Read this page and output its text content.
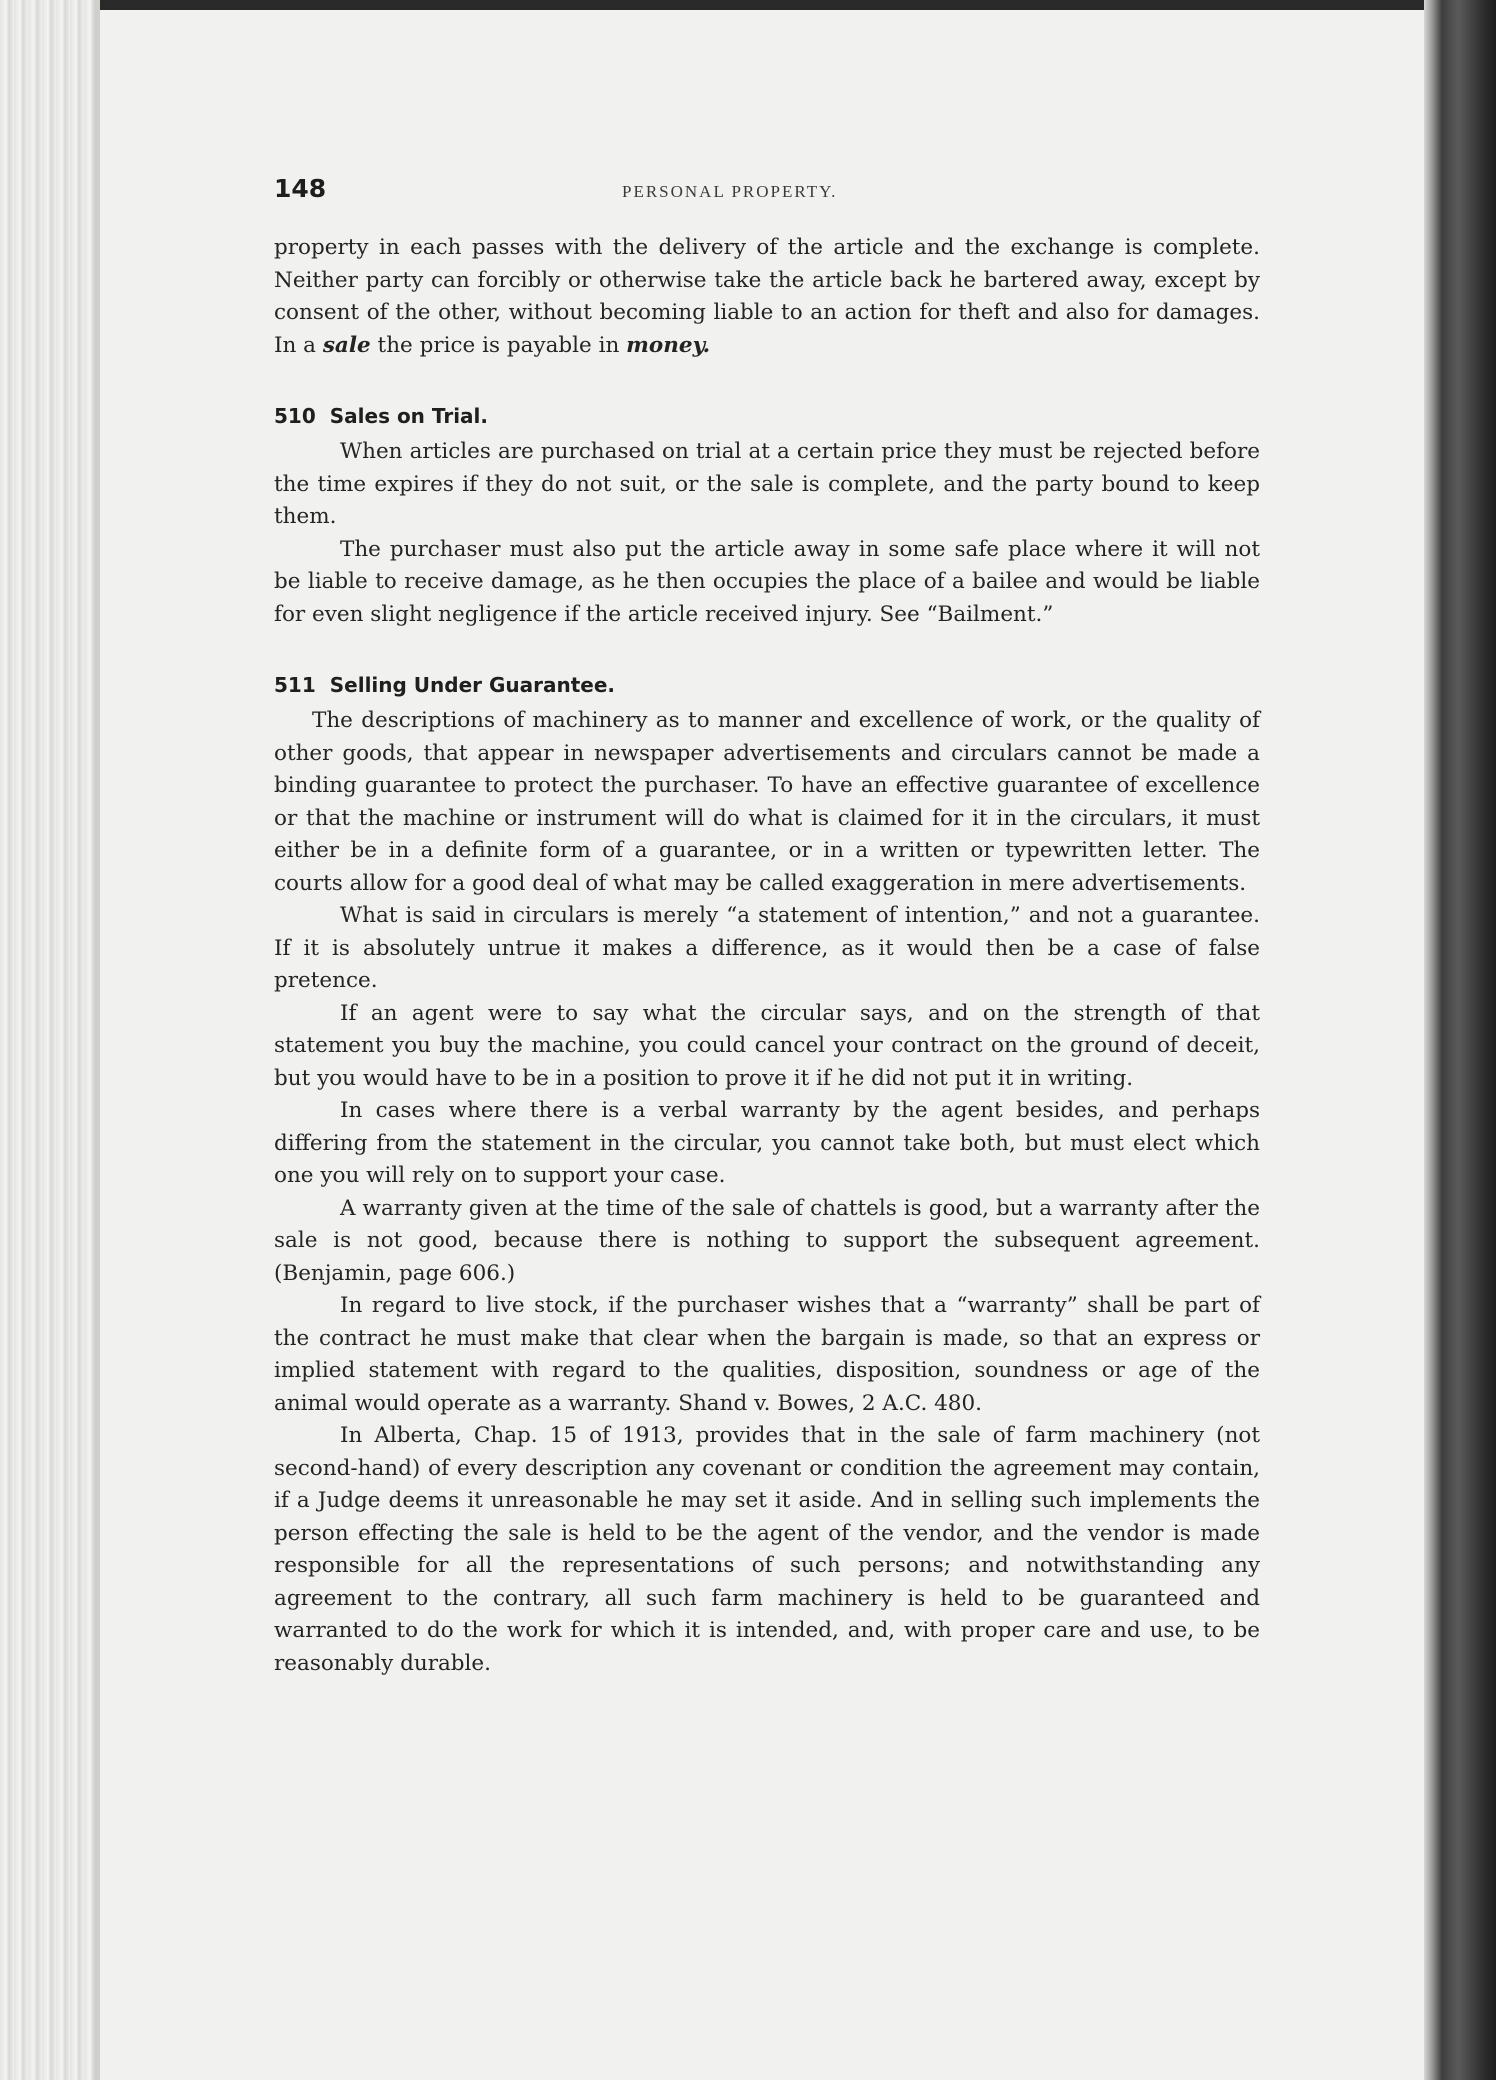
148	PERSONAL PROPERTY.

property in each passes with the delivery of the article and the exchange is complete. Neither party can forcibly or otherwise take the article back he bartered away, except by consent of the other, without becoming liable to an action for theft and also for damages. In a sale the price is payable in money.

510 Sales on Trial.

When articles are purchased on trial at a certain price they must be rejected before the time expires if they do not suit, or the sale is complete, and the party bound to keep them.

The purchaser must also put the article away in some safe place where it will not be liable to receive damage, as he then occupies the place of a bailee and would be liable for even slight negligence if the article received injury. See “Bailment.”

511 Selling Under Guarantee.

The descriptions of machinery as to manner and excellence of work, or the quality of other goods, that appear in newspaper advertisements and circulars cannot be made a binding guarantee to protect the purchaser. To have an effective guarantee of excellence or that the machine or instrument will do what is claimed for it in the circulars, it must either be in a definite form of a guarantee, or in a written or typewritten letter. The courts allow for a good deal of what may be called exaggeration in mere advertisements.

What is said in circulars is merely “a statement of intention,” and not a guarantee. If it is absolutely untrue it makes a difference, as it would then be a case of false pretence.

If an agent were to say what the circular says, and on the strength of that statement you buy the machine, you could cancel your contract on the ground of deceit, but you would have to be in a position to prove it if he did not put it in writing.

In cases where there is a verbal warranty by the agent besides, and perhaps differing from the statement in the circular, you cannot take both, but must elect which one you will rely on to support your case.

A warranty given at the time of the sale of chattels is good, but a warranty after the sale is not good, because there is nothing to support the subsequent agreement. (Benjamin, page 606.)

In regard to live stock, if the purchaser wishes that a “warranty” shall be part of the contract he must make that clear when the bargain is made, so that an express or implied statement with regard to the qualities, disposition, soundness or age of the animal would operate as a warranty. Shand v. Bowes, 2 A.C. 480.

In Alberta, Chap. 15 of 1913, provides that in the sale of farm machinery (not second-hand) of every description any covenant or condition the agreement may contain, if a Judge deems it unreasonable he may set it aside. And in selling such implements the person effecting the sale is held to be the agent of the vendor, and the vendor is made responsible for all the representations of such persons; and notwithstanding any agreement to the contrary, all such farm machinery is held to be guaranteed and warranted to do the work for which it is intended, and, with proper care and use, to be reasonably durable.
